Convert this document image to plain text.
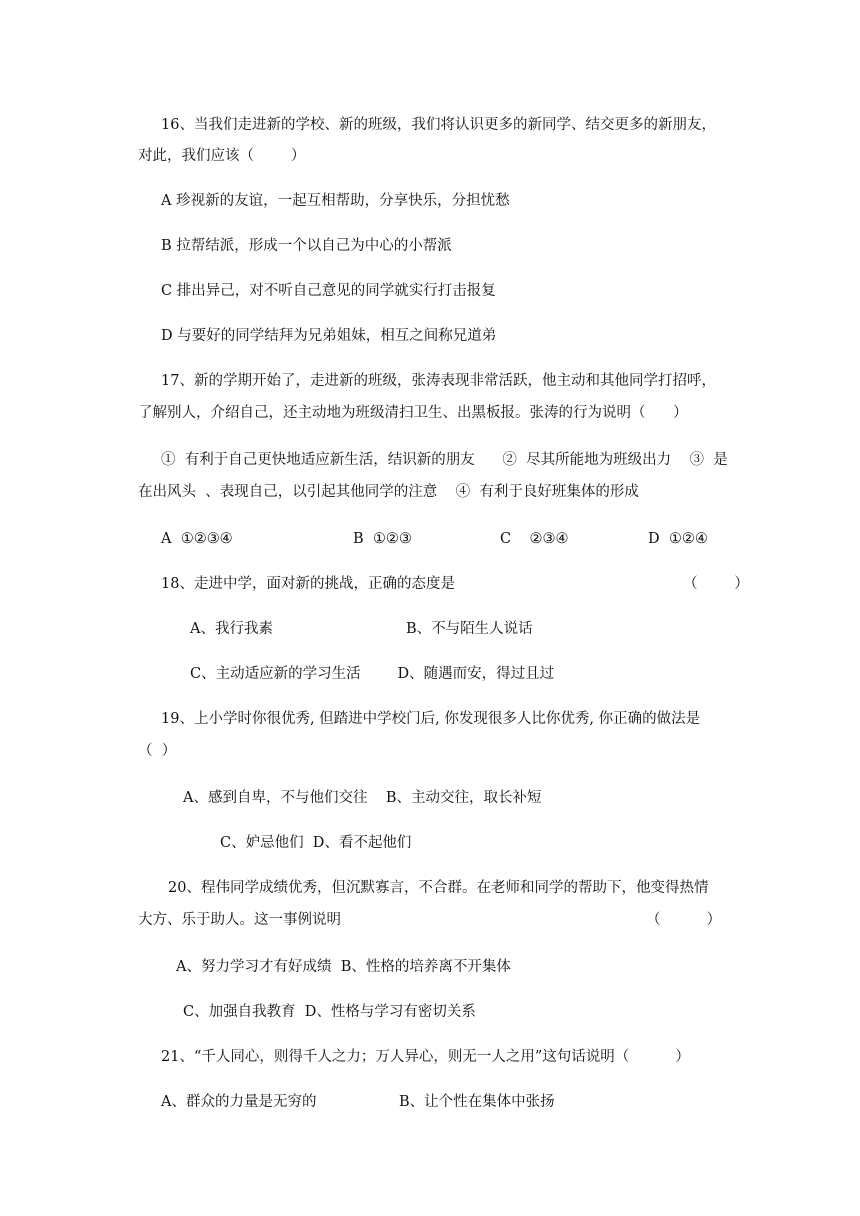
16、当我们走进新的学校、新的班级，我们将认识更多的新同学、结交更多的新朋友，
对此，我们应该（        ）
A 珍视新的友谊，一起互相帮助，分享快乐，分担忧愁
B 拉帮结派，形成一个以自己为中心的小帮派
C 排出异己，对不听自己意见的同学就实行打击报复
D 与要好的同学结拜为兄弟姐妹，相互之间称兄道弟
17、新的学期开始了，走进新的班级，张涛表现非常活跃，他主动和其他同学打招呼，
了解别人，介绍自己，还主动地为班级清扫卫生、出黑板报。张涛的行为说明（      ）
①  有利于自己更快地适应新生活，结识新的朋友      ②  尽其所能地为班级出力    ③  是
在出风头  、表现自己，以引起其他同学的注意    ④  有利于良好班集体的形成
A  ①②③④	B  ①②③	C    ②③④	D  ①②④
18、走进中学，面对新的挑战，正确的态度是	（        ）
A、我行我素	B、不与陌生人说话
C、主动适应新的学习生活        D、随遇而安，得过且过
19、上小学时你很优秀, 但踏进中学校门后, 你发现很多人比你优秀, 你正确的做法是
（  ）
A、感到自卑，不与他们交往    B、主动交往，取长补短
C、妒忌他们  D、看不起他们
20、程伟同学成绩优秀，但沉默寡言，不合群。在老师和同学的帮助下，他变得热情
大方、乐于助人。这一事例说明	（          ）
A、努力学习才有好成绩  B、性格的培养离不开集体
C、加强自我教育  D、性格与学习有密切关系
21、“千人同心，则得千人之力；万人异心，则无一人之用”这句话说明（          ）
A、群众的力量是无穷的	B、让个性在集体中张扬
